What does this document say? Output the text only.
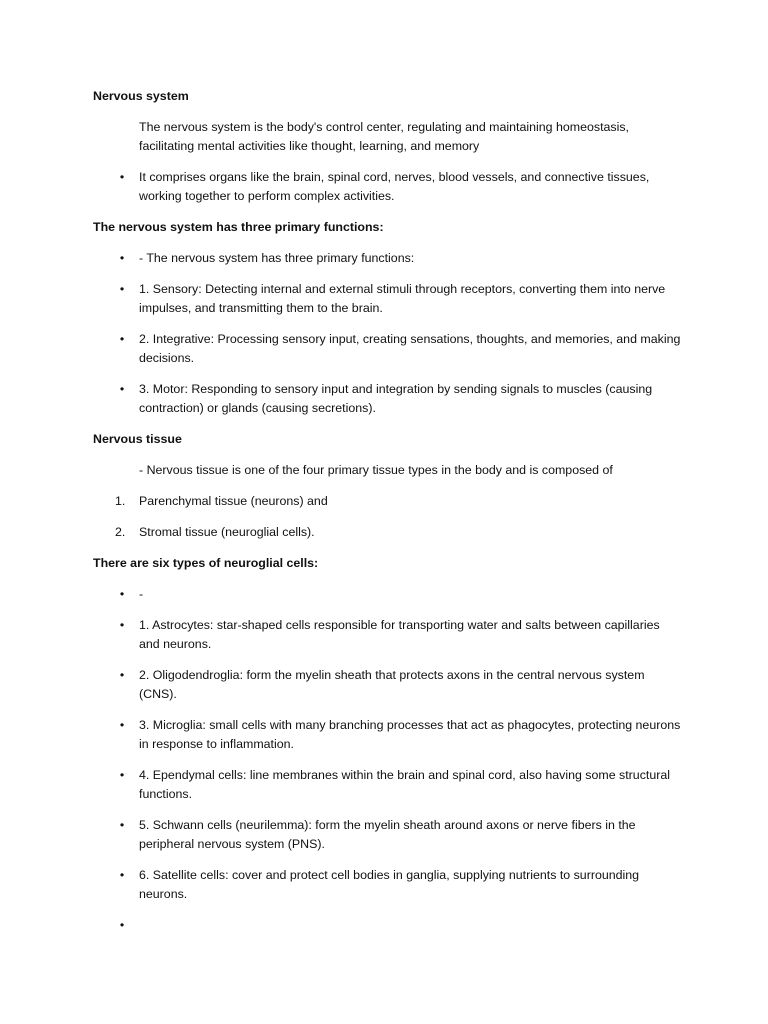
Nervous system
The nervous system is the body's control center, regulating and maintaining homeostasis, facilitating mental activities like thought, learning, and memory
•	It comprises organs like the brain, spinal cord, nerves, blood vessels, and connective tissues, working together to perform complex activities.
The nervous system has three primary functions:
•	- The nervous system has three primary functions:
•	1. Sensory: Detecting internal and external stimuli through receptors, converting them into nerve impulses, and transmitting them to the brain.
•	2. Integrative: Processing sensory input, creating sensations, thoughts, and memories, and making decisions.
•	3. Motor: Responding to sensory input and integration by sending signals to muscles (causing contraction) or glands (causing secretions).
Nervous tissue
- Nervous tissue is one of the four primary tissue types in the body and is composed of
1.	Parenchymal tissue (neurons) and
2.	Stromal tissue (neuroglial cells).
There are six types of neuroglial cells:
•	-
•	1. Astrocytes: star-shaped cells responsible for transporting water and salts between capillaries and neurons.
•	2. Oligodendroglia: form the myelin sheath that protects axons in the central nervous system (CNS).
•	3. Microglia: small cells with many branching processes that act as phagocytes, protecting neurons in response to inflammation.
•	4. Ependymal cells: line membranes within the brain and spinal cord, also having some structural functions.
•	5. Schwann cells (neurilemma): form the myelin sheath around axons or nerve fibers in the peripheral nervous system (PNS).
•	6. Satellite cells: cover and protect cell bodies in ganglia, supplying nutrients to surrounding neurons.
•
